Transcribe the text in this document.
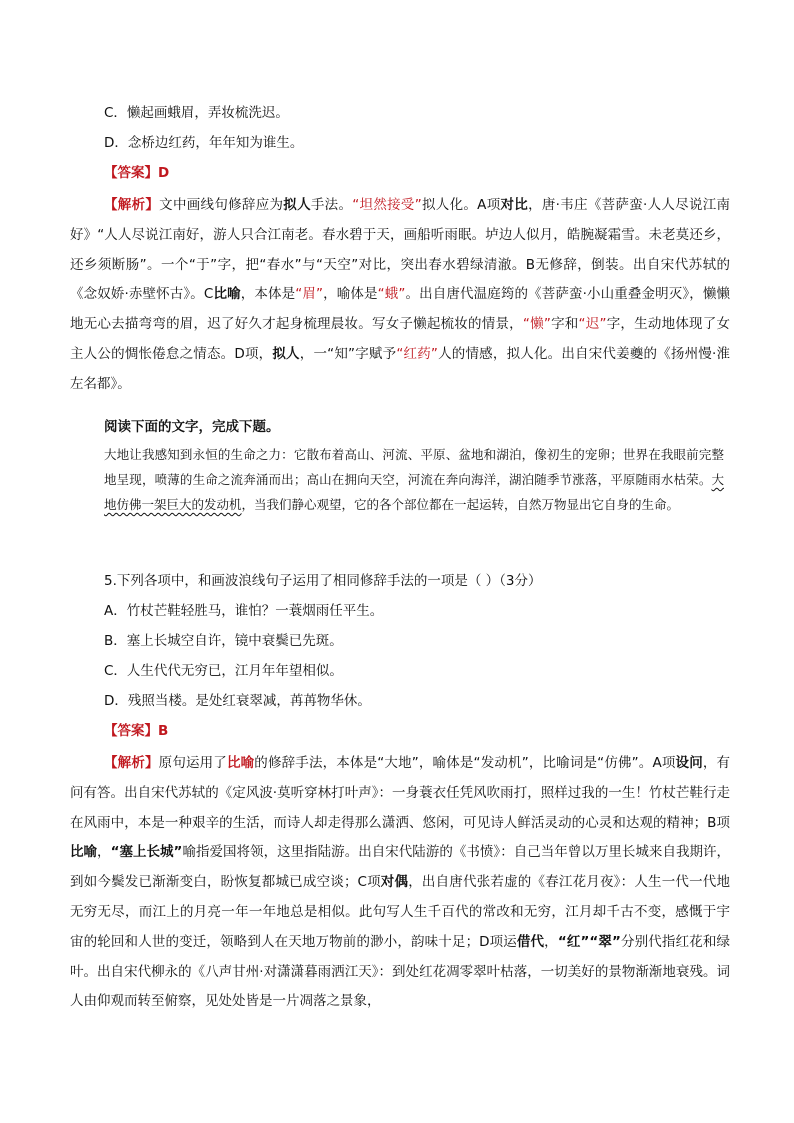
C．懒起画蛾眉，弄妆梳洗迟。
D．念桥边红药，年年知为谁生。
【答案】D
【解析】文中画线句修辞应为拟人手法。“坦然接受”拟人化。A项对比，唐·韦庄《菩萨蛮·人人尽说江南好》“人人尽说江南好，游人只合江南老。春水碧于天，画船听雨眠。垆边人似月，皓腕凝霜雪。未老莫还乡，还乡须断肠”。一个“于”字，把“春水”与“天空”对比，突出春水碧绿清澈。B无修辞，倒装。出自宋代苏轼的《念奴娇·赤壁怀古》。C比喻，本体是“眉”，喻体是“蛾”。出自唐代温庭筠的《菩萨蛮·小山重叠金明灭》，懒懒地无心去描弯弯的眉，迟了好久才起身梳理晨妆。写女子懒起梳妆的情景，“懒”字和“迟”字，生动地体现了女主人公的惆怅倦怠之情态。D项，拟人，一“知”字赋予“红药”人的情感，拟人化。出自宋代姜夔的《扬州慢·淮左名都》。
阅读下面的文字，完成下题。
大地让我感知到永恒的生命之力：它散布着高山、河流、平原、盆地和湖泊，像初生的宠卵；世界在我眼前完整地呈现，喷薄的生命之流奔涌而出；高山在拥向天空，河流在奔向海洋，湖泊随季节涨落，平原随雨水枯荣。大地仿佛一架巨大的发动机，当我们静心观望，它的各个部位都在一起运转，自然万物显出它自身的生命。
5.下列各项中，和画波浪线句子运用了相同修辞手法的一项是（ ）（3分）
A．竹杖芒鞋轻胜马，谁怕？一蓑烟雨任平生。
B．塞上长城空自许，镜中衰鬓已先斑。
C．人生代代无穷已，江月年年望相似。
D．残照当楼。是处红衰翠减，苒苒物华休。
【答案】B
【解析】原句运用了比喻的修辞手法，本体是“大地”，喻体是“发动机”，比喻词是“仿佛”。A项设问，有问有答。出自宋代苏轼的《定风波·莫听穿林打叶声》：一身蓑衣任凭风吹雨打，照样过我的一生！竹杖芒鞋行走在风雨中，本是一种艰辛的生活，而诗人却走得那么潇洒、悠闲，可见诗人鲜活灵动的心灵和达观的精神；B项比喻，“塞上长城”喻指爱国将领，这里指陆游。出自宋代陆游的《书愤》：自己当年曾以万里长城来自我期许，到如今鬓发已渐渐变白，盼恢复都城已成空谈；C项对偶，出自唐代张若虚的《春江花月夜》：人生一代一代地无穷无尽，而江上的月亮一年一年地总是相似。此句写人生千百代的常改和无穷，江月却千古不变，感慨于宇宙的轮回和人世的变迁，领略到人在天地万物前的渺小，韵味十足；D项运借代，“红”“翠”分别代指红花和绿叶。出自宋代柳永的《八声甘州·对潇潇暮雨洒江天》：到处红花凋零翠叶枯落，一切美好的景物渐渐地衰残。词人由仰观而转至俯察，见处处皆是一片凋落之景象，
